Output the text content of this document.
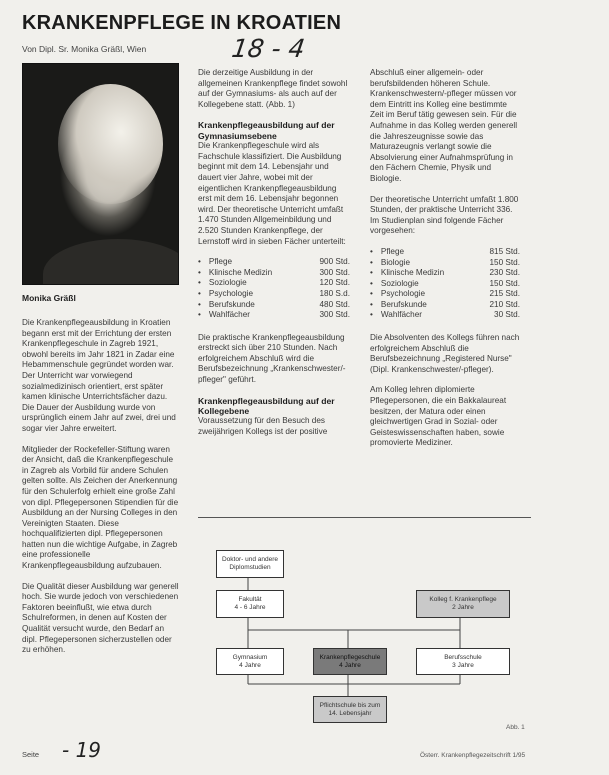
KRANKENPFLEGE IN KROATIEN
Von Dipl. Sr. Monika Gräßl, Wien	18 - 4
Monika Gräßl

Die Krankenpflegeausbildung in Kroatien begann erst mit der Errichtung der ersten Krankenpflegeschule in Zagreb 1921, obwohl bereits im Jahr 1821 in Zadar eine Hebammenschule gegründet worden war. Der Unterricht war vorwiegend sozialmedizinisch orientiert, erst später kamen klinische Unterrichtsfächer dazu. Die Dauer der Ausbildung wurde von ursprünglich einem Jahr auf zwei, drei und sogar vier Jahre erweitert.

Mitglieder der Rockefeller-Stiftung waren der Ansicht, daß die Krankenpflegeschule in Zagreb als Vorbild für andere Schulen gelten sollte. Als Zeichen der Anerkennung für den Schulerfolg erhielt eine große Zahl von dipl. Pflegepersonen Stipendien für die Ausbildung an der Nursing Colleges in den Vereinigten Staaten. Diese hochqualifizierten dipl. Pflegepersonen hatten nun die wichtige Aufgabe, in Zagreb eine professionelle Krankenpflegeausbildung aufzubauen.

Die Qualität dieser Ausbildung war generell hoch. Sie wurde jedoch von verschiedenen Faktoren beeinflußt, wie etwa durch Schulreformen, in denen auf Kosten der Qualität versucht wurde, den Bedarf an dipl. Pflegepersonen sicherzustellen oder zu erhöhen.

Die derzeitige Ausbildung in der allgemeinen Krankenpflege findet sowohl auf der Gymnasiums- als auch auf der Kollegebene statt. (Abb. 1)

Krankenpflegeausbildung auf der Gymnasiumsebene

Die Krankenpflegeschule wird als Fachschule klassifiziert. Die Ausbildung beginnt mit dem 14. Lebensjahr und dauert vier Jahre, wobei mit der eigentlichen Krankenpflegeausbildung erst mit dem 16. Lebensjahr begonnen wird. Der theoretische Unterricht umfaßt 1.470 Stunden Allgemeinbildung und 2.520 Stunden Krankenpflege, der Lernstoff wird in sieben Fächer unterteilt:

• Pflege	900 Std.
• Klinische Medizin	300 Std.
• Soziologie	120 Std.
• Psychologie	180 S.d.
• Berufskunde	480 Std.
• Wahlfächer	300 Std.

Die praktische Krankenpflegeausbildung erstreckt sich über 210 Stunden. Nach erfolgreichem Abschluß wird die Berufsbezeichnung „Krankenschwester/-pfleger" geführt.

Krankenpflegeausbildung auf der Kollegebene

Voraussetzung für den Besuch des zweijährigen Kollegs ist der positive

Abschluß einer allgemein- oder berufsbildenden höheren Schule. Krankenschwestern/-pfleger müssen vor dem Eintritt ins Kolleg eine bestimmte Zeit im Beruf tätig gewesen sein. Für die Aufnahme in das Kolleg werden generell die Jahreszeugnisse sowie das Maturazeugnis verlangt sowie die Absolvierung einer Aufnahmsprüfung in den Fächern Chemie, Physik und Biologie.

Der theoretische Unterricht umfaßt 1.800 Stunden, der praktische Unterricht 336. Im Studienplan sind folgende Fächer vorgesehen:

• Pflege	815 Std.
• Biologie	150 Std.
• Klinische Medizin	230 Std.
• Soziologie	150 Std.
• Psychologie	215 Std.
• Berufskunde	210 Std.
• Wahlfächer	30 Std.

Die Absolventen des Kollegs führen nach erfolgreichem Abschluß die Berufsbezeichnung „Registered Nurse" (Dipl. Krankenschwester/-pfleger).

Am Kolleg lehren diplomierte Pflegepersonen, die ein Bakkalaureat besitzen, der Matura oder einen gleichwertigen Grad in Sozial- oder Geisteswissenschaften haben, sowie promovierte Mediziner.

Doktor- und andere
Diplomstudien
Fakultät
4 - 6 Jahre
Kolleg f. Krankenpflege
2 Jahre
Gymnasium
4 Jahre
Krankenpflegeschule
4 Jahre
Berufsschule
3 Jahre
Pflichtschule bis zum
14. Lebensjahr
Abb. 1
Seite - 19	Österr. Krankenpflegezeitschrift 1/95
